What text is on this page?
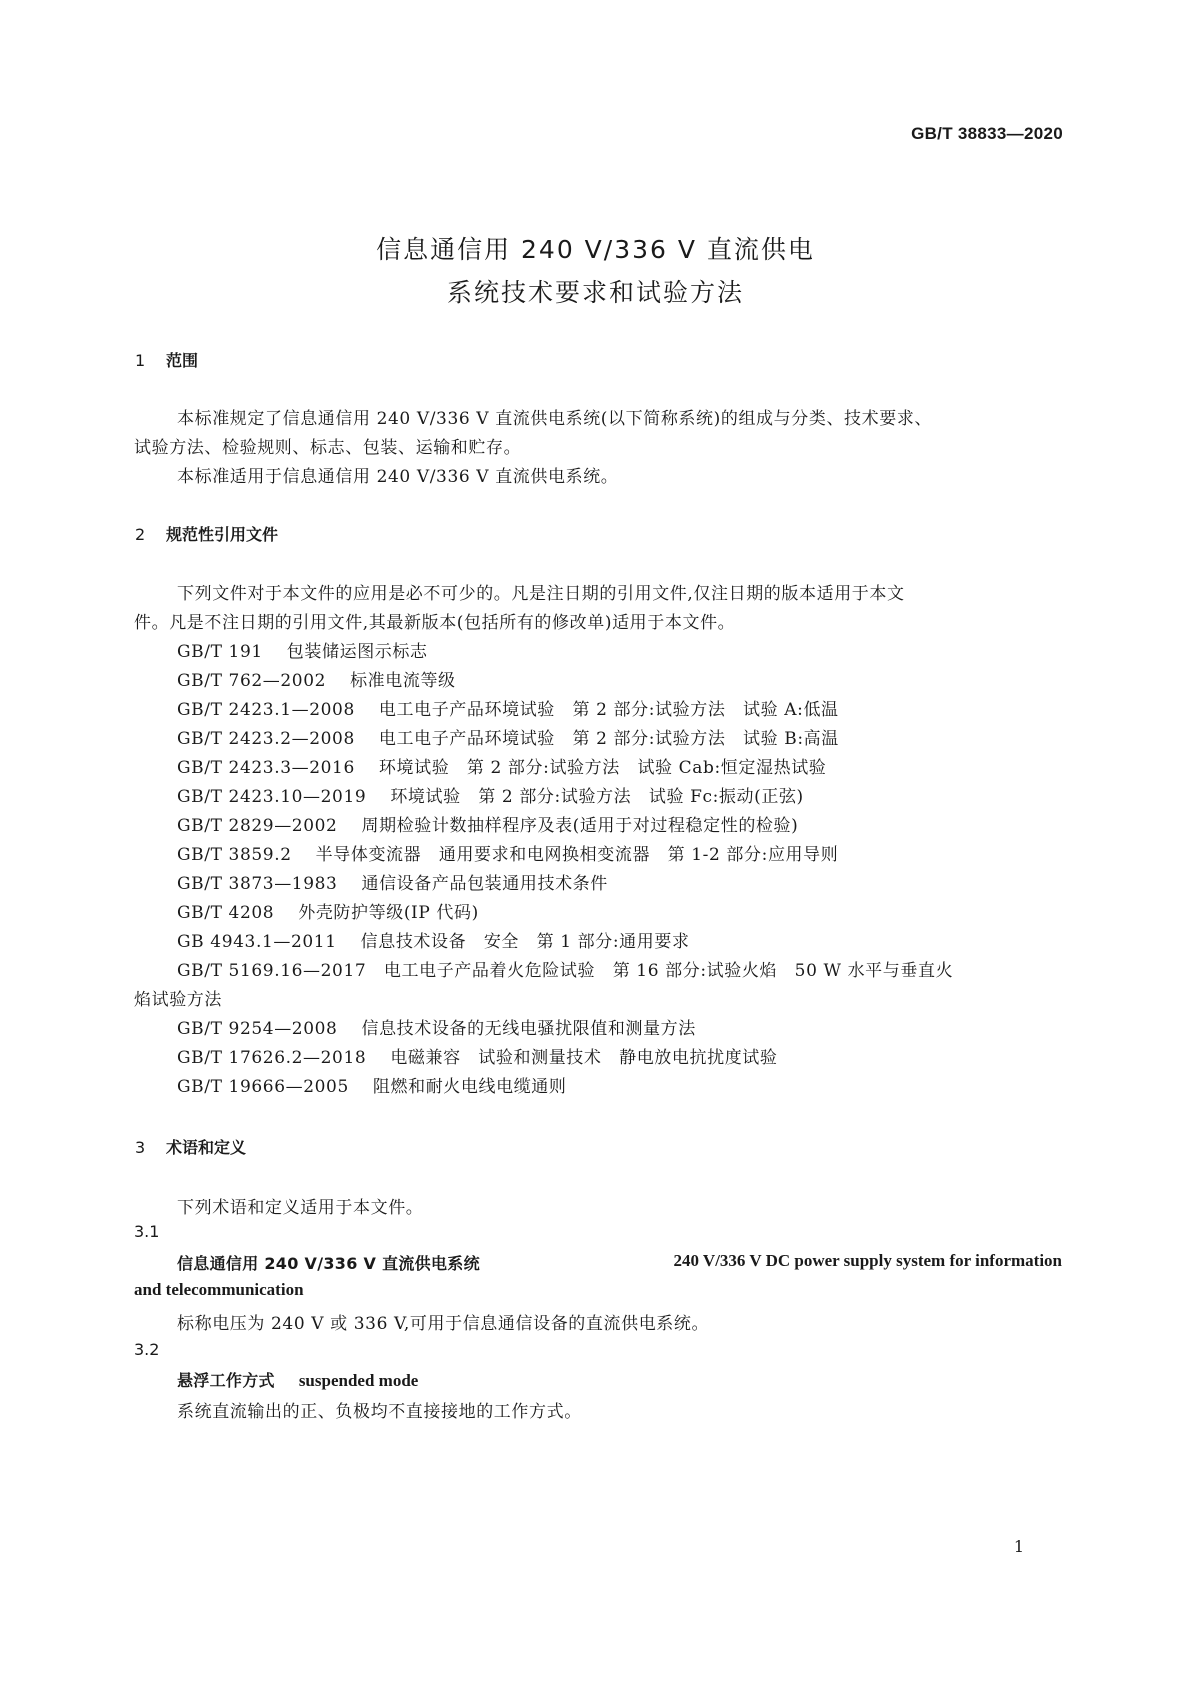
GB/T 38833—2020
信息通信用 240 V/336 V 直流供电
系统技术要求和试验方法
1 范围
本标准规定了信息通信用 240 V/336 V 直流供电系统(以下简称系统)的组成与分类、技术要求、
试验方法、检验规则、标志、包装、运输和贮存。
本标准适用于信息通信用 240 V/336 V 直流供电系统。
2 规范性引用文件
下列文件对于本文件的应用是必不可少的。凡是注日期的引用文件,仅注日期的版本适用于本文
件。凡是不注日期的引用文件,其最新版本(包括所有的修改单)适用于本文件。
GB/T 191 包装储运图示标志
GB/T 762—2002 标准电流等级
GB/T 2423.1—2008 电工电子产品环境试验　第 2 部分:试验方法　试验 A:低温
GB/T 2423.2—2008 电工电子产品环境试验　第 2 部分:试验方法　试验 B:高温
GB/T 2423.3—2016 环境试验　第 2 部分:试验方法　试验 Cab:恒定湿热试验
GB/T 2423.10—2019 环境试验　第 2 部分:试验方法　试验 Fc:振动(正弦)
GB/T 2829—2002 周期检验计数抽样程序及表(适用于对过程稳定性的检验)
GB/T 3859.2 半导体变流器　通用要求和电网换相变流器　第 1-2 部分:应用导则
GB/T 3873—1983 通信设备产品包装通用技术条件
GB/T 4208 外壳防护等级(IP 代码)
GB 4943.1—2011 信息技术设备　安全　第 1 部分:通用要求
GB/T 5169.16—2017　电工电子产品着火危险试验　第 16 部分:试验火焰　50 W 水平与垂直火
焰试验方法
GB/T 9254—2008 信息技术设备的无线电骚扰限值和测量方法
GB/T 17626.2—2018 电磁兼容　试验和测量技术　静电放电抗扰度试验
GB/T 19666—2005 阻燃和耐火电线电缆通则
3 术语和定义
下列术语和定义适用于本文件。
3.1
信息通信用 240 V/336 V 直流供电系统	240 V/336 V DC power supply system for information
and telecommunication
标称电压为 240 V 或 336 V,可用于信息通信设备的直流供电系统。
3.2
悬浮工作方式 suspended mode
系统直流输出的正、负极均不直接接地的工作方式。
1
